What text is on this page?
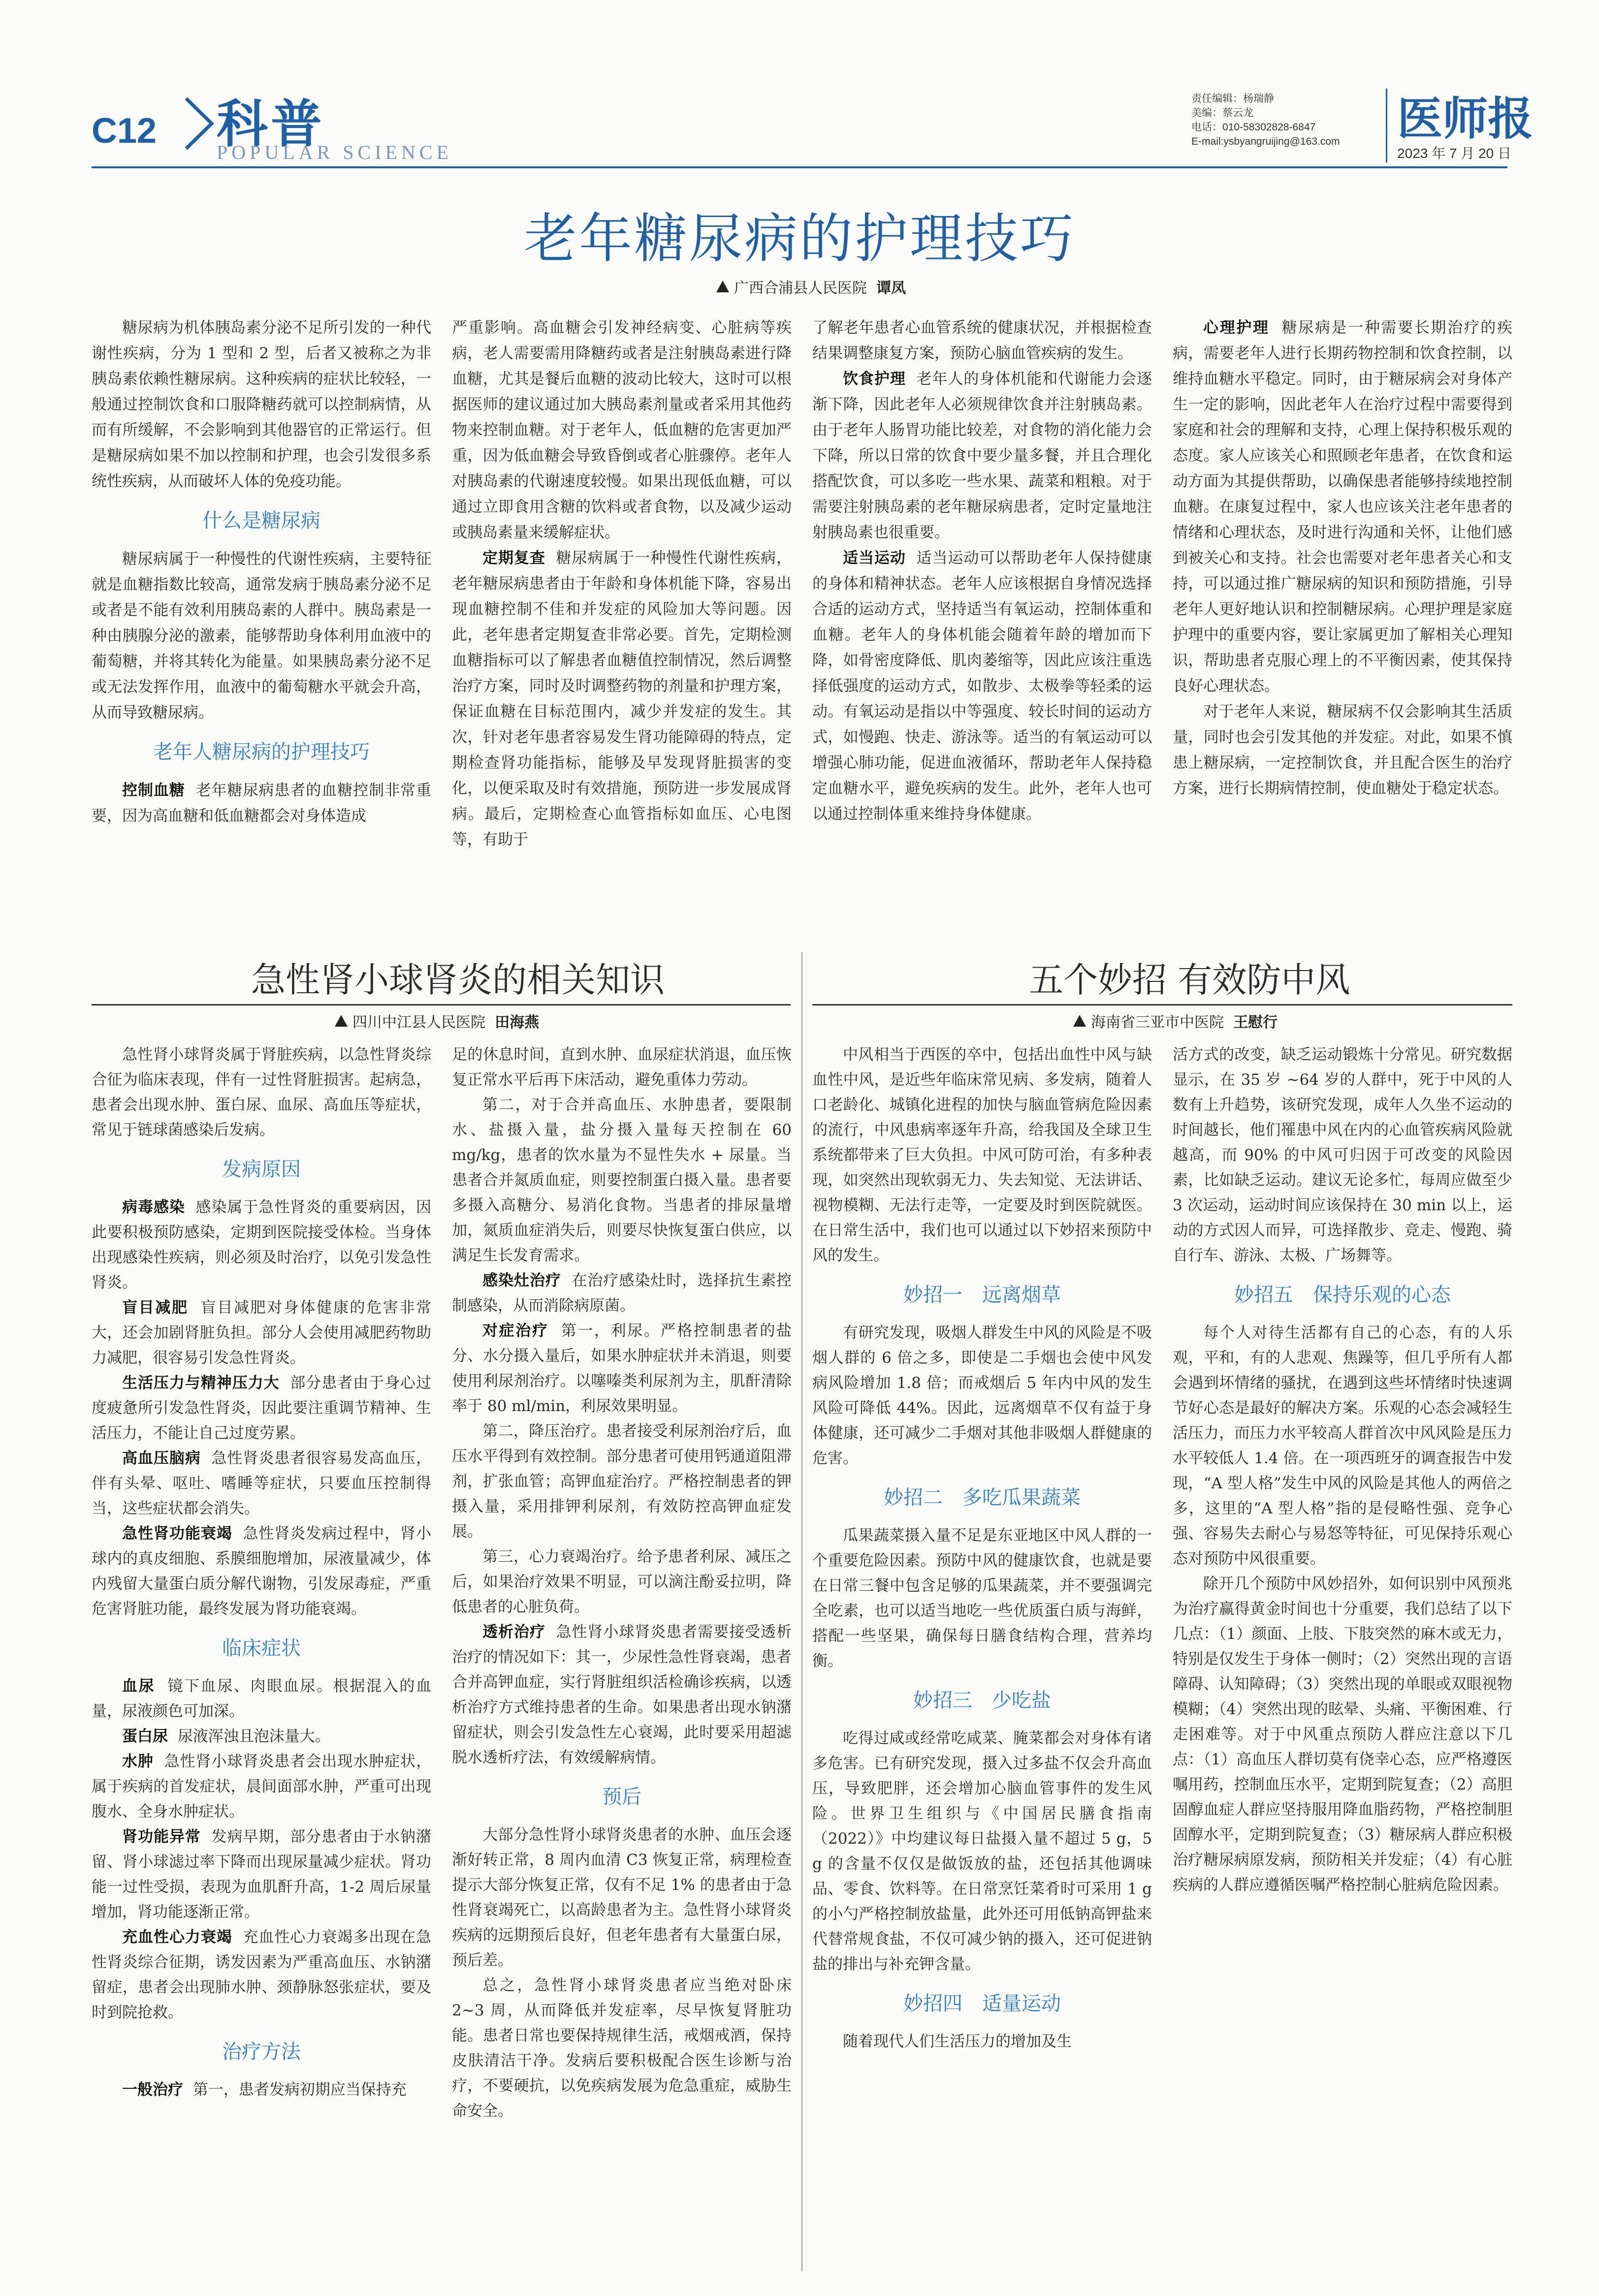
C12 科普
POPULAR SCIENCE
责任编辑：杨瑞静
美编：蔡云龙
电话：010-58302828-6847
E-mail:ysbyangruijing@163.com	医师报
2023 年 7 月 20 日
老年糖尿病的护理技巧
广西合浦县人民医院 谭凤

糖尿病为机体胰岛素分泌不足所引发的一种代谢性疾病，分为 1 型和 2 型，后者又被称之为非胰岛素依赖性糖尿病。这种疾病的症状比较轻，一般通过控制饮食和口服降糖药就可以控制病情，从而有所缓解，不会影响到其他器官的正常运行。但是糖尿病如果不加以控制和护理，也会引发很多系统性疾病，从而破坏人体的免疫功能。

什么是糖尿病

糖尿病属于一种慢性的代谢性疾病，主要特征就是血糖指数比较高，通常发病于胰岛素分泌不足或者是不能有效利用胰岛素的人群中。胰岛素是一种由胰腺分泌的激素，能够帮助身体利用血液中的葡萄糖，并将其转化为能量。如果胰岛素分泌不足或无法发挥作用，血液中的葡萄糖水平就会升高，从而导致糖尿病。

老年人糖尿病的护理技巧

控制血糖 老年糖尿病患者的血糖控制非常重要，因为高血糖和低血糖都会对身体造成

严重影响。高血糖会引发神经病变、心脏病等疾病，老人需要需用降糖药或者是注射胰岛素进行降血糖，尤其是餐后血糖的波动比较大，这时可以根据医师的建议通过加大胰岛素剂量或者采用其他药物来控制血糖。对于老年人，低血糖的危害更加严重，因为低血糖会导致昏倒或者心脏骤停。老年人对胰岛素的代谢速度较慢。如果出现低血糖，可以通过立即食用含糖的饮料或者食物，以及减少运动或胰岛素量来缓解症状。

定期复查 糖尿病属于一种慢性代谢性疾病，老年糖尿病患者由于年龄和身体机能下降，容易出现血糖控制不佳和并发症的风险加大等问题。因此，老年患者定期复查非常必要。首先，定期检测血糖指标可以了解患者血糖值控制情况，然后调整治疗方案，同时及时调整药物的剂量和护理方案，保证血糖在目标范围内，减少并发症的发生。其次，针对老年患者容易发生肾功能障碍的特点，定期检查肾功能指标，能够及早发现肾脏损害的变化，以便采取及时有效措施，预防进一步发展成肾病。最后，定期检查心血管指标如血压、心电图等，有助于

了解老年患者心血管系统的健康状况，并根据检查结果调整康复方案，预防心脑血管疾病的发生。

饮食护理 老年人的身体机能和代谢能力会逐渐下降，因此老年人必须规律饮食并注射胰岛素。由于老年人肠胃功能比较差，对食物的消化能力会下降，所以日常的饮食中要少量多餐，并且合理化搭配饮食，可以多吃一些水果、蔬菜和粗粮。对于需要注射胰岛素的老年糖尿病患者，定时定量地注射胰岛素也很重要。

适当运动 适当运动可以帮助老年人保持健康的身体和精神状态。老年人应该根据自身情况选择合适的运动方式，坚持适当有氧运动，控制体重和血糖。老年人的身体机能会随着年龄的增加而下降，如骨密度降低、肌肉萎缩等，因此应该注重选择低强度的运动方式，如散步、太极拳等轻柔的运动。有氧运动是指以中等强度、较长时间的运动方式，如慢跑、快走、游泳等。适当的有氧运动可以增强心肺功能，促进血液循环，帮助老年人保持稳定血糖水平，避免疾病的发生。此外，老年人也可以通过控制体重来维持身体健康。

心理护理 糖尿病是一种需要长期治疗的疾病，需要老年人进行长期药物控制和饮食控制，以维持血糖水平稳定。同时，由于糖尿病会对身体产生一定的影响，因此老年人在治疗过程中需要得到家庭和社会的理解和支持，心理上保持积极乐观的态度。家人应该关心和照顾老年患者，在饮食和运动方面为其提供帮助，以确保患者能够持续地控制血糖。在康复过程中，家人也应该关注老年患者的情绪和心理状态，及时进行沟通和关怀，让他们感到被关心和支持。社会也需要对老年患者关心和支持，可以通过推广糖尿病的知识和预防措施，引导老年人更好地认识和控制糖尿病。心理护理是家庭护理中的重要内容，要让家属更加了解相关心理知识，帮助患者克服心理上的不平衡因素，使其保持良好心理状态。

对于老年人来说，糖尿病不仅会影响其生活质量，同时也会引发其他的并发症。对此，如果不慎患上糖尿病，一定控制饮食，并且配合医生的治疗方案，进行长期病情控制，使血糖处于稳定状态。

急性肾小球肾炎的相关知识
四川中江县人民医院 田海燕

急性肾小球肾炎属于肾脏疾病，以急性肾炎综合征为临床表现，伴有一过性肾脏损害。起病急，患者会出现水肿、蛋白尿、血尿、高血压等症状，常见于链球菌感染后发病。

发病原因

病毒感染 感染属于急性肾炎的重要病因，因此要积极预防感染，定期到医院接受体检。当身体出现感染性疾病，则必须及时治疗，以免引发急性肾炎。

盲目减肥 盲目减肥对身体健康的危害非常大，还会加剧肾脏负担。部分人会使用减肥药物助力减肥，很容易引发急性肾炎。

生活压力与精神压力大 部分患者由于身心过度疲惫所引发急性肾炎，因此要注重调节精神、生活压力，不能让自己过度劳累。

高血压脑病 急性肾炎患者很容易发高血压，伴有头晕、呕吐、嗜睡等症状，只要血压控制得当，这些症状都会消失。

急性肾功能衰竭 急性肾炎发病过程中，肾小球内的真皮细胞、系膜细胞增加，尿液量减少，体内残留大量蛋白质分解代谢物，引发尿毒症，严重危害肾脏功能，最终发展为肾功能衰竭。

临床症状

血尿 镜下血尿、肉眼血尿。根据混入的血量，尿液颜色可加深。

蛋白尿 尿液浑浊且泡沫量大。

水肿 急性肾小球肾炎患者会出现水肿症状，属于疾病的首发症状，晨间面部水肿，严重可出现腹水、全身水肿症状。

肾功能异常 发病早期，部分患者由于水钠潴留、肾小球滤过率下降而出现尿量减少症状。肾功能一过性受损，表现为血肌酐升高，1-2 周后尿量增加，肾功能逐渐正常。

充血性心力衰竭 充血性心力衰竭多出现在急性肾炎综合征期，诱发因素为严重高血压、水钠潴留症，患者会出现肺水肿、颈静脉怒张症状，要及时到院抢救。

治疗方法

一般治疗 第一，患者发病初期应当保持充

足的休息时间，直到水肿、血尿症状消退，血压恢复正常水平后再下床活动，避免重体力劳动。

第二，对于合并高血压、水肿患者，要限制水、盐摄入量，盐分摄入量每天控制在 60 mg/kg，患者的饮水量为不显性失水 + 尿量。当患者合并氮质血症，则要控制蛋白摄入量。患者要多摄入高糖分、易消化食物。当患者的排尿量增加，氮质血症消失后，则要尽快恢复蛋白供应，以满足生长发育需求。

感染灶治疗 在治疗感染灶时，选择抗生素控制感染，从而消除病原菌。

对症治疗 第一，利尿。严格控制患者的盐分、水分摄入量后，如果水肿症状并未消退，则要使用利尿剂治疗。以噻嗪类利尿剂为主，肌酐清除率于 80 ml/min，利尿效果明显。

第二，降压治疗。患者接受利尿剂治疗后，血压水平得到有效控制。部分患者可使用钙通道阻滞剂，扩张血管；高钾血症治疗。严格控制患者的钾摄入量，采用排钾利尿剂，有效防控高钾血症发展。

第三，心力衰竭治疗。给予患者利尿、减压之后，如果治疗效果不明显，可以滴注酚妥拉明，降低患者的心脏负荷。

透析治疗 急性肾小球肾炎患者需要接受透析治疗的情况如下：其一，少尿性急性肾衰竭，患者合并高钾血症，实行肾脏组织活检确诊疾病，以透析治疗方式维持患者的生命。如果患者出现水钠潴留症状，则会引发急性左心衰竭，此时要采用超滤脱水透析疗法，有效缓解病情。

预后

大部分急性肾小球肾炎患者的水肿、血压会逐渐好转正常，8 周内血清 C3 恢复正常，病理检查提示大部分恢复正常，仅有不足 1% 的患者由于急性肾衰竭死亡，以高龄患者为主。急性肾小球肾炎疾病的远期预后良好，但老年患者有大量蛋白尿，预后差。

总之，急性肾小球肾炎患者应当绝对卧床 2~3 周，从而降低并发症率，尽早恢复肾脏功能。患者日常也要保持规律生活，戒烟戒酒，保持皮肤清洁干净。发病后要积极配合医生诊断与治疗，不要硬抗，以免疾病发展为危急重症，威胁生命安全。

五个妙招 有效防中风
海南省三亚市中医院 王慰行

中风相当于西医的卒中，包括出血性中风与缺血性中风，是近些年临床常见病、多发病，随着人口老龄化、城镇化进程的加快与脑血管病危险因素的流行，中风患病率逐年升高，给我国及全球卫生系统都带来了巨大负担。中风可防可治，有多种表现，如突然出现软弱无力、失去知觉、无法讲话、视物模糊、无法行走等，一定要及时到医院就医。在日常生活中，我们也可以通过以下妙招来预防中风的发生。

妙招一　远离烟草

有研究发现，吸烟人群发生中风的风险是不吸烟人群的 6 倍之多，即使是二手烟也会使中风发病风险增加 1.8 倍；而戒烟后 5 年内中风的发生风险可降低 44%。因此，远离烟草不仅有益于身体健康，还可减少二手烟对其他非吸烟人群健康的危害。

妙招二　多吃瓜果蔬菜

瓜果蔬菜摄入量不足是东亚地区中风人群的一个重要危险因素。预防中风的健康饮食，也就是要在日常三餐中包含足够的瓜果蔬菜，并不要强调完全吃素，也可以适当地吃一些优质蛋白质与海鲜，搭配一些坚果，确保每日膳食结构合理，营养均衡。

妙招三　少吃盐

吃得过咸或经常吃咸菜、腌菜都会对身体有诸多危害。已有研究发现，摄入过多盐不仅会升高血压，导致肥胖，还会增加心脑血管事件的发生风险。世界卫生组织与《中国居民膳食指南（2022）》中均建议每日盐摄入量不超过 5 g，5 g 的含量不仅仅是做饭放的盐，还包括其他调味品、零食、饮料等。在日常烹饪菜肴时可采用 1 g 的小勺严格控制放盐量，此外还可用低钠高钾盐来代替常规食盐，不仅可减少钠的摄入，还可促进钠盐的排出与补充钾含量。

妙招四　适量运动

随着现代人们生活压力的增加及生

活方式的改变，缺乏运动锻炼十分常见。研究数据显示，在 35 岁 ~64 岁的人群中，死于中风的人数有上升趋势，该研究发现，成年人久坐不运动的时间越长，他们罹患中风在内的心血管疾病风险就越高，而 90% 的中风可归因于可改变的风险因素，比如缺乏运动。建议无论多忙，每周应做至少 3 次运动，运动时间应该保持在 30 min 以上，运动的方式因人而异，可选择散步、竞走、慢跑、骑自行车、游泳、太极、广场舞等。

妙招五　保持乐观的心态

每个人对待生活都有自己的心态，有的人乐观，平和，有的人悲观、焦躁等，但几乎所有人都会遇到坏情绪的骚扰，在遇到这些坏情绪时快速调节好心态是最好的解决方案。乐观的心态会减轻生活压力，而压力水平较高人群首次中风风险是压力水平较低人 1.4 倍。在一项西班牙的调查报告中发现，“A 型人格”发生中风的风险是其他人的两倍之多，这里的“A 型人格”指的是侵略性强、竞争心强、容易失去耐心与易怒等特征，可见保持乐观心态对预防中风很重要。

除开几个预防中风妙招外，如何识别中风预兆为治疗赢得黄金时间也十分重要，我们总结了以下几点：（1）颜面、上肢、下肢突然的麻木或无力，特别是仅发生于身体一侧时；（2）突然出现的言语障碍、认知障碍；（3）突然出现的单眼或双眼视物模糊；（4）突然出现的眩晕、头痛、平衡困难、行走困难等。对于中风重点预防人群应注意以下几点：（1）高血压人群切莫有侥幸心态，应严格遵医嘱用药，控制血压水平，定期到院复查；（2）高胆固醇血症人群应坚持服用降血脂药物，严格控制胆固醇水平，定期到院复查；（3）糖尿病人群应积极治疗糖尿病原发病，预防相关并发症；（4）有心脏疾病的人群应遵循医嘱严格控制心脏病危险因素。
